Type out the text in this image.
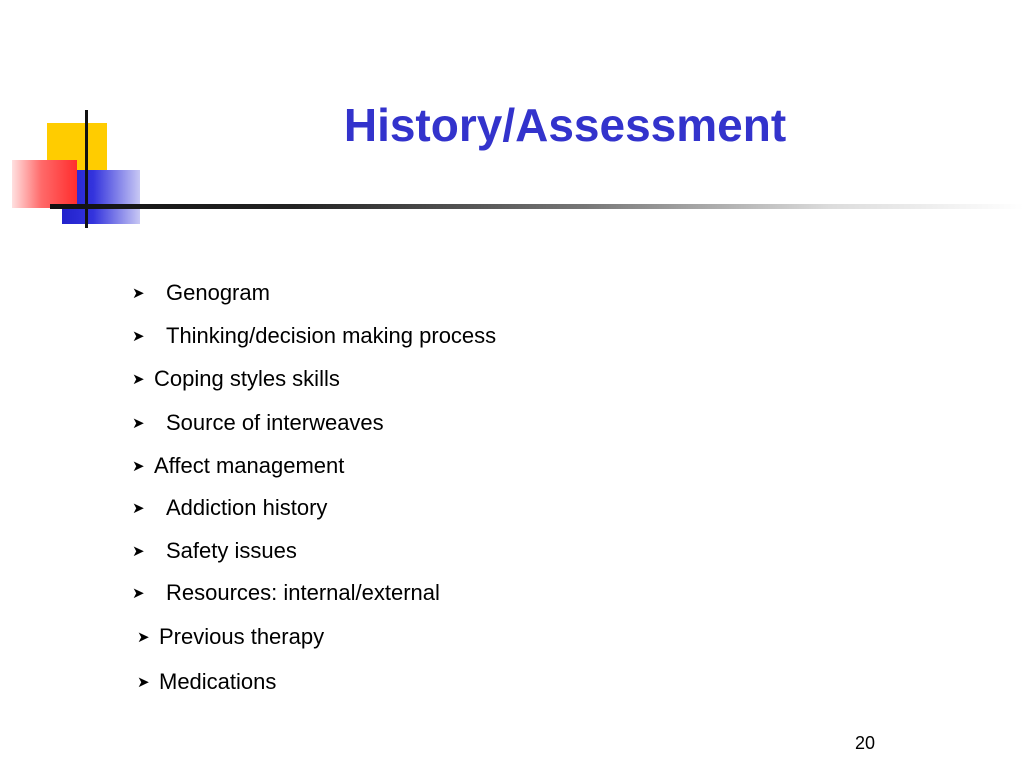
History/Assessment
➤ Genogram
➤ Thinking/decision making process
➤ Coping styles skills
➤ Source of interweaves
➤ Affect management
➤ Addiction history
➤ Safety issues
➤ Resources: internal/external
➤ Previous therapy
➤ Medications
20
